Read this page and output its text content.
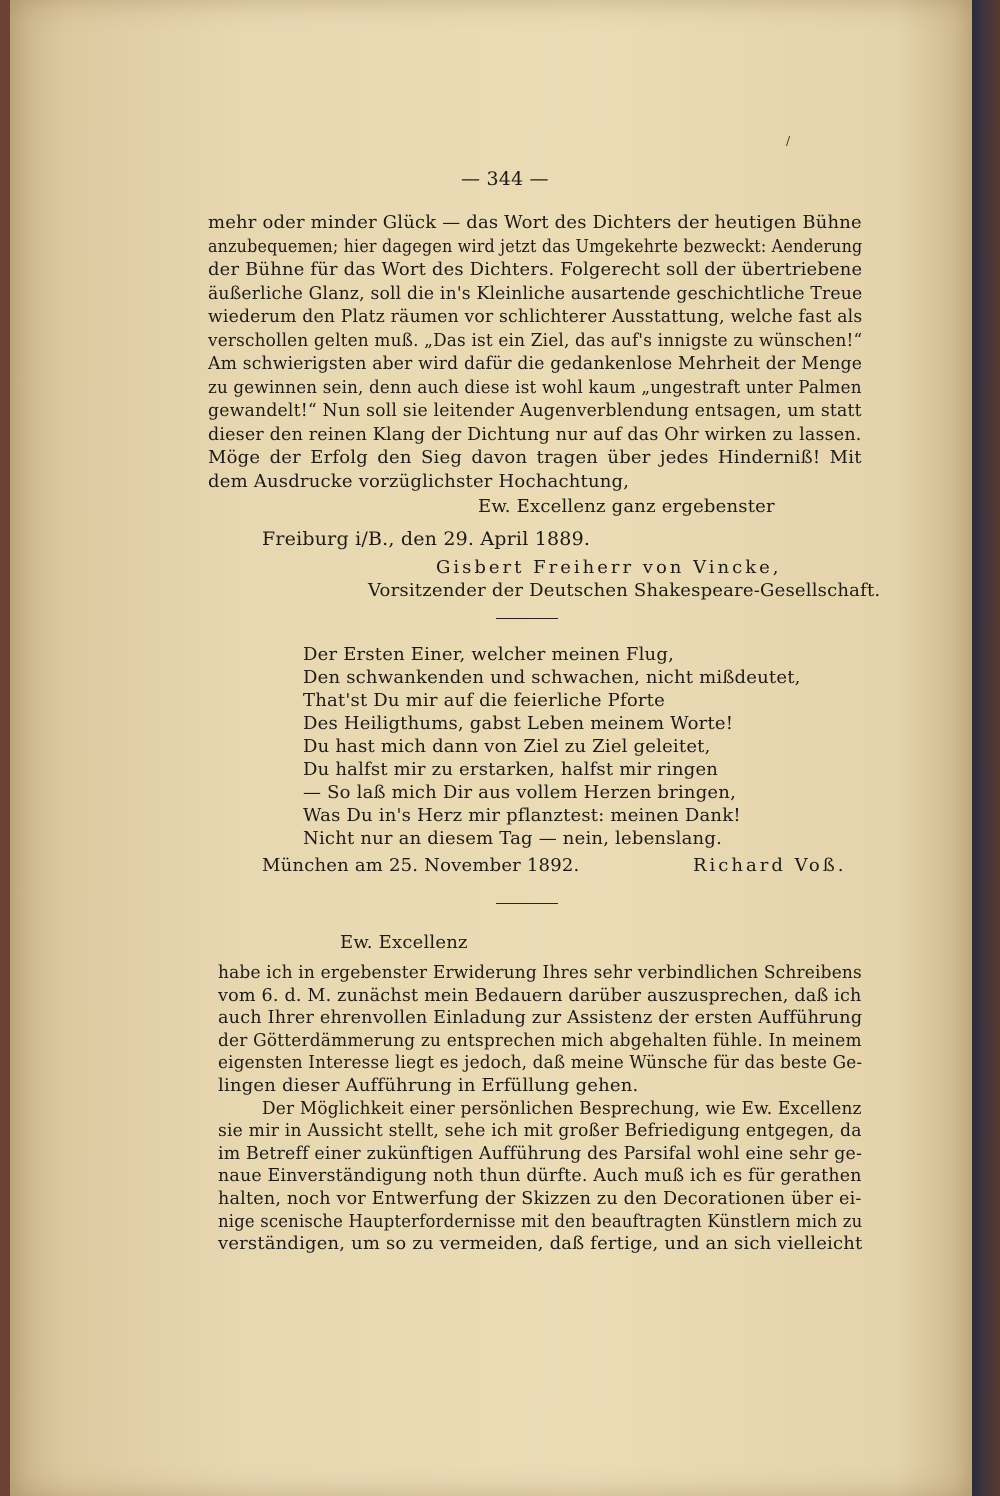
/
— 344 —
mehr oder minder Glück — das Wort des Dichters der heutigen Bühne
anzubequemen; hier dagegen wird jetzt das Umgekehrte bezweckt: Aenderung
der Bühne für das Wort des Dichters. Folgerecht soll der übertriebene
äußerliche Glanz, soll die in's Kleinliche ausartende geschichtliche Treue
wiederum den Platz räumen vor schlichterer Ausstattung, welche fast als
verschollen gelten muß. „Das ist ein Ziel, das auf's innigste zu wünschen!“
Am schwierigsten aber wird dafür die gedankenlose Mehrheit der Menge
zu gewinnen sein, denn auch diese ist wohl kaum „ungestraft unter Palmen
gewandelt!“ Nun soll sie leitender Augenverblendung entsagen, um statt
dieser den reinen Klang der Dichtung nur auf das Ohr wirken zu lassen.
Möge der Erfolg den Sieg davon tragen über jedes Hinderniß! Mit
dem Ausdrucke vorzüglichster Hochachtung,
Ew. Excellenz ganz ergebenster
Freiburg i/B., den 29. April 1889.
Gisbert Freiherr von Vincke,
Vorsitzender der Deutschen Shakespeare-Gesellschaft.
Der Ersten Einer, welcher meinen Flug,
Den schwankenden und schwachen, nicht mißdeutet,
That'st Du mir auf die feierliche Pforte
Des Heiligthums, gabst Leben meinem Worte!
Du hast mich dann von Ziel zu Ziel geleitet,
Du halfst mir zu erstarken, halfst mir ringen
— So laß mich Dir aus vollem Herzen bringen,
Was Du in's Herz mir pflanztest: meinen Dank!
Nicht nur an diesem Tag — nein, lebenslang.
München am 25. November 1892.	Richard Voß.
Ew. Excellenz
habe ich in ergebenster Erwiderung Ihres sehr verbindlichen Schreibens
vom 6. d. M. zunächst mein Bedauern darüber auszusprechen, daß ich
auch Ihrer ehrenvollen Einladung zur Assistenz der ersten Aufführung
der Götterdämmerung zu entsprechen mich abgehalten fühle. In meinem
eigensten Interesse liegt es jedoch, daß meine Wünsche für das beste Ge-
lingen dieser Aufführung in Erfüllung gehen.
Der Möglichkeit einer persönlichen Besprechung, wie Ew. Excellenz
sie mir in Aussicht stellt, sehe ich mit großer Befriedigung entgegen, da
im Betreff einer zukünftigen Aufführung des Parsifal wohl eine sehr ge-
naue Einverständigung noth thun dürfte. Auch muß ich es für gerathen
halten, noch vor Entwerfung der Skizzen zu den Decorationen über ei-
nige scenische Haupterfordernisse mit den beauftragten Künstlern mich zu
verständigen, um so zu vermeiden, daß fertige, und an sich vielleicht
